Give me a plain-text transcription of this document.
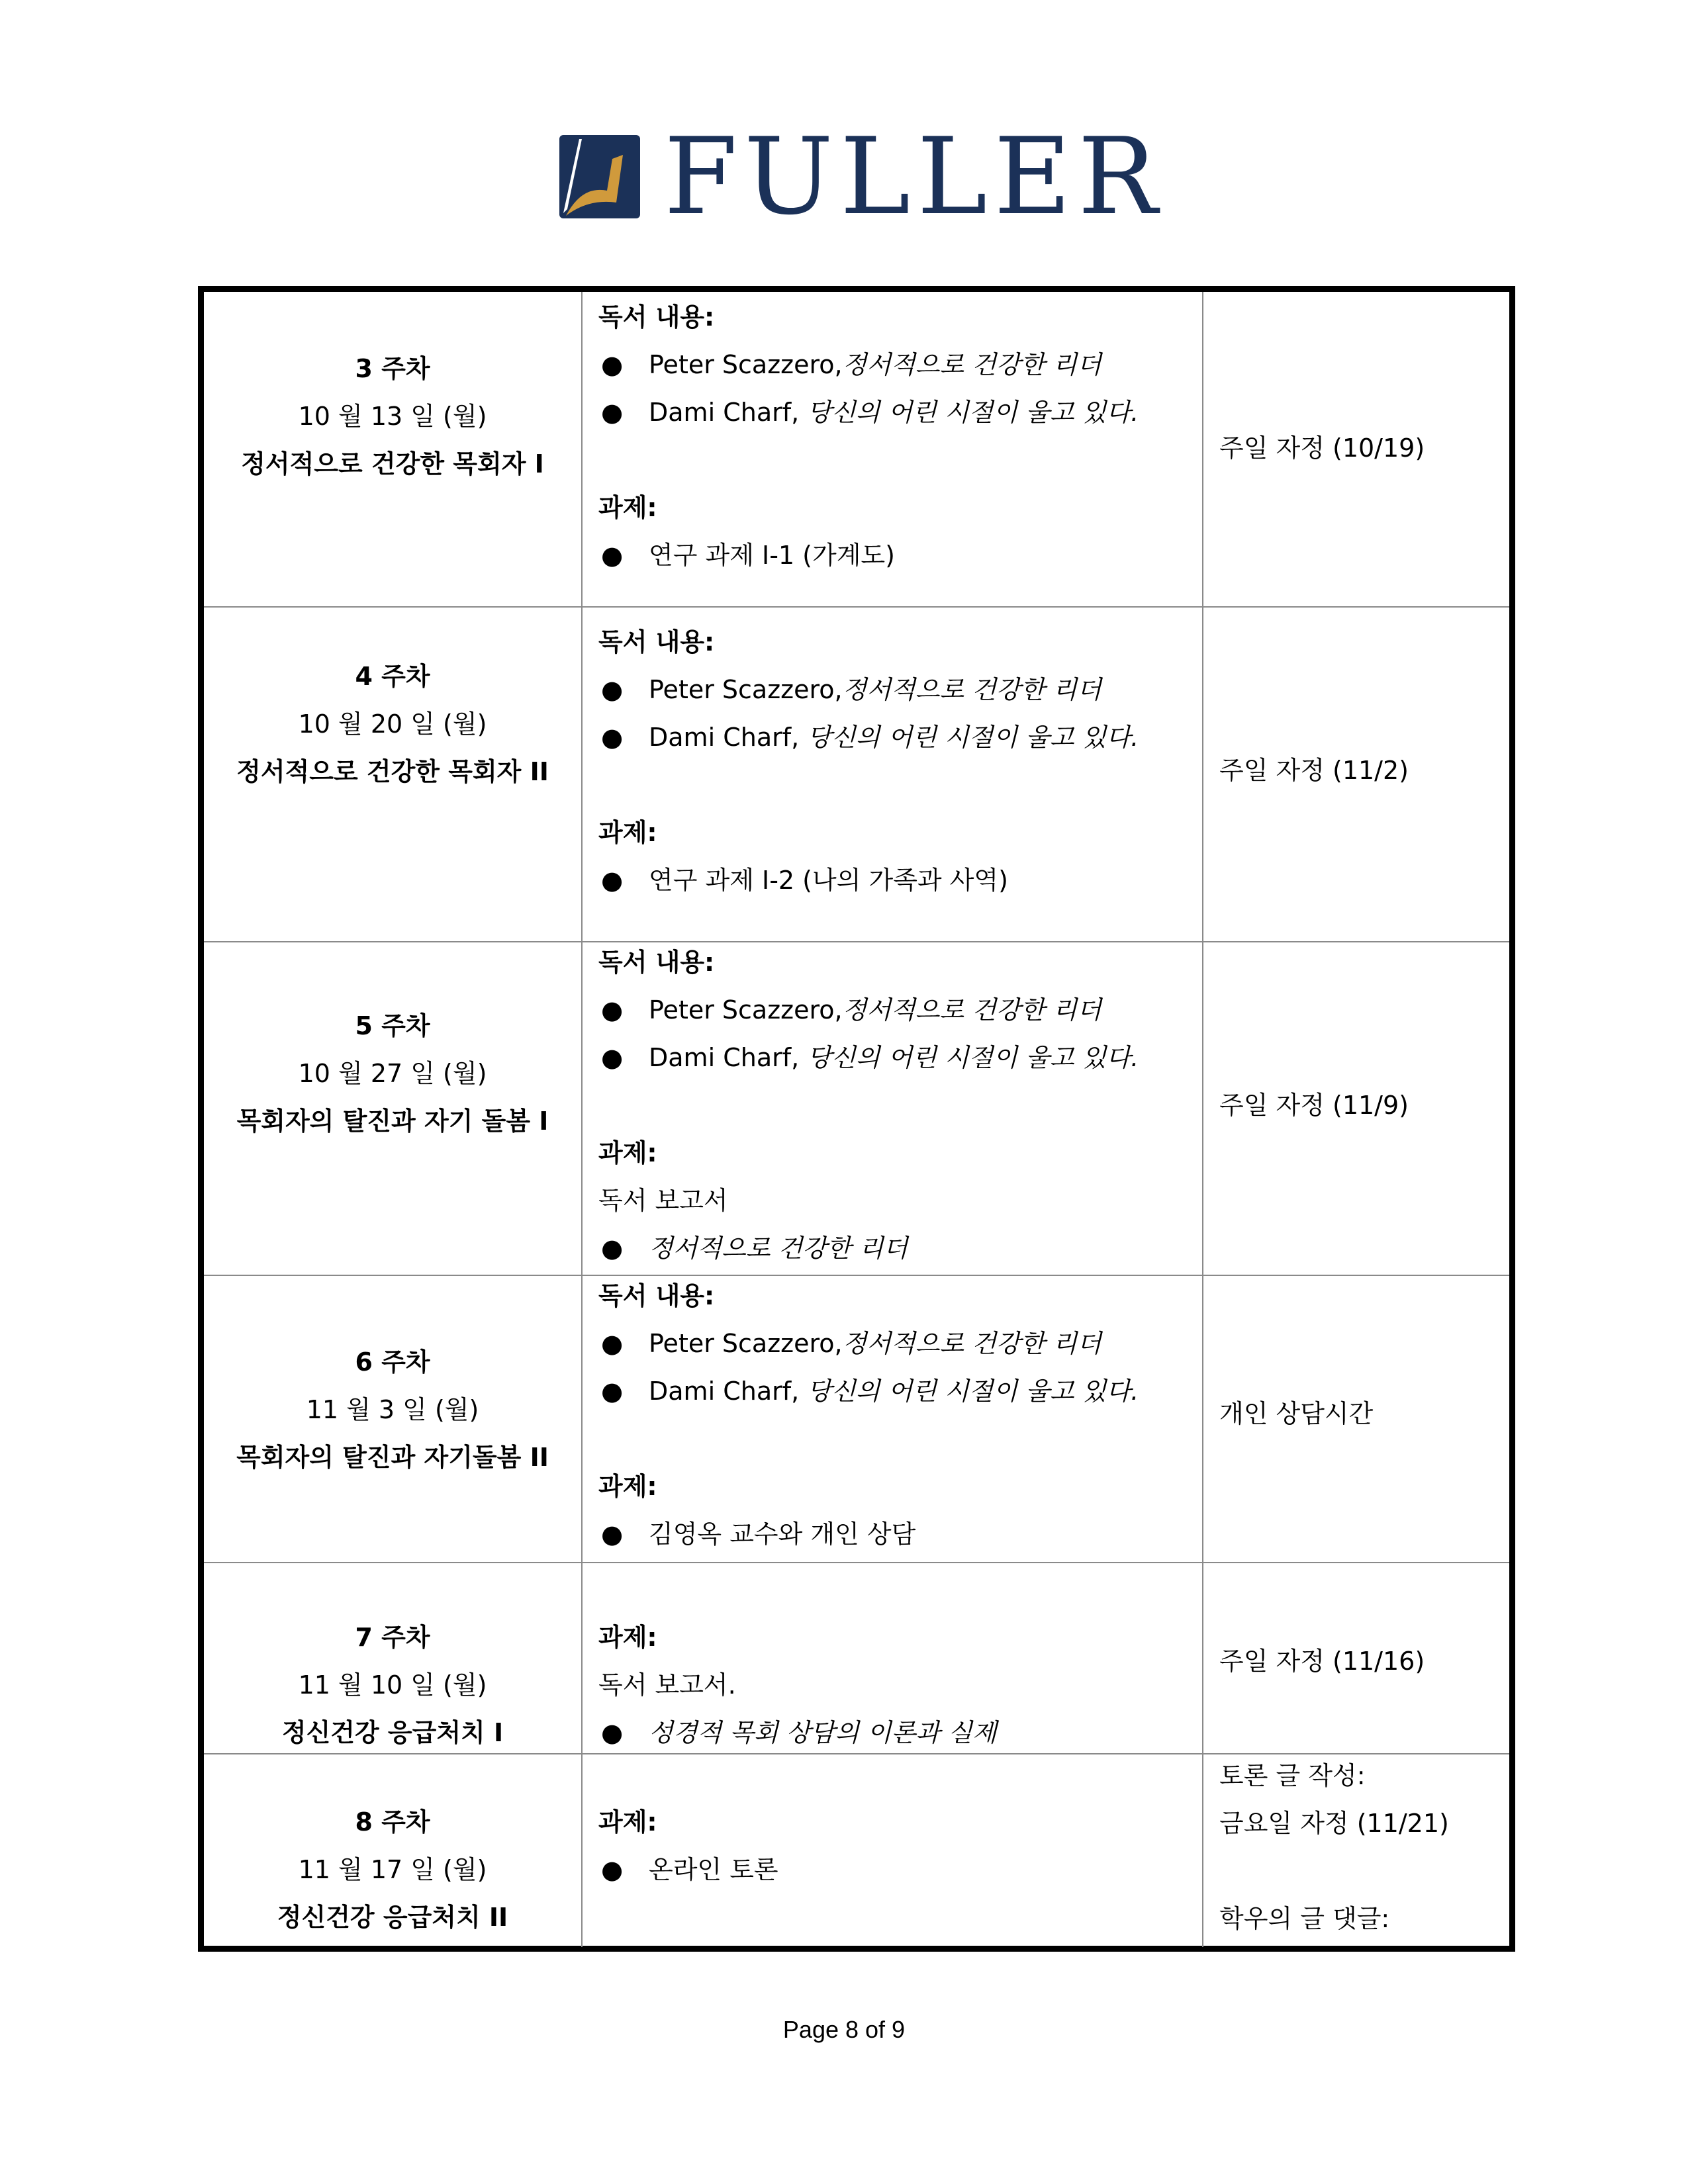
FULLER
3 주차
10 월 13 일 (월)
정서적으로 건강한 목회자 I
독서 내용:
● Peter Scazzero,정서적으로 건강한 리더
● Dami Charf, 당신의 어린 시절이 울고 있다.
과제:
● 연구 과제 I-1 (가계도)
주일 자정 (10/19)
4 주차
10 월 20 일 (월)
정서적으로 건강한 목회자 II
독서 내용:
● Peter Scazzero,정서적으로 건강한 리더
● Dami Charf, 당신의 어린 시절이 울고 있다.
과제:
● 연구 과제 I-2 (나의 가족과 사역)
주일 자정 (11/2)
5 주차
10 월 27 일 (월)
목회자의 탈진과 자기 돌봄 I
독서 내용:
● Peter Scazzero,정서적으로 건강한 리더
● Dami Charf, 당신의 어린 시절이 울고 있다.
과제:
독서 보고서
● 정서적으로 건강한 리더
주일 자정 (11/9)
6 주차
11 월 3 일 (월)
목회자의 탈진과 자기돌봄 II
독서 내용:
● Peter Scazzero,정서적으로 건강한 리더
● Dami Charf, 당신의 어린 시절이 울고 있다.
과제:
● 김영옥 교수와 개인 상담
개인 상담시간
7 주차
11 월 10 일 (월)
정신건강 응급처치 I
과제:
독서 보고서.
● 성경적 목회 상담의 이론과 실제
주일 자정 (11/16)
8 주차
11 월 17 일 (월)
정신건강 응급처치 II
과제:
● 온라인 토론
토론 글 작성:
금요일 자정 (11/21)
학우의 글 댓글:
Page 8 of 9
